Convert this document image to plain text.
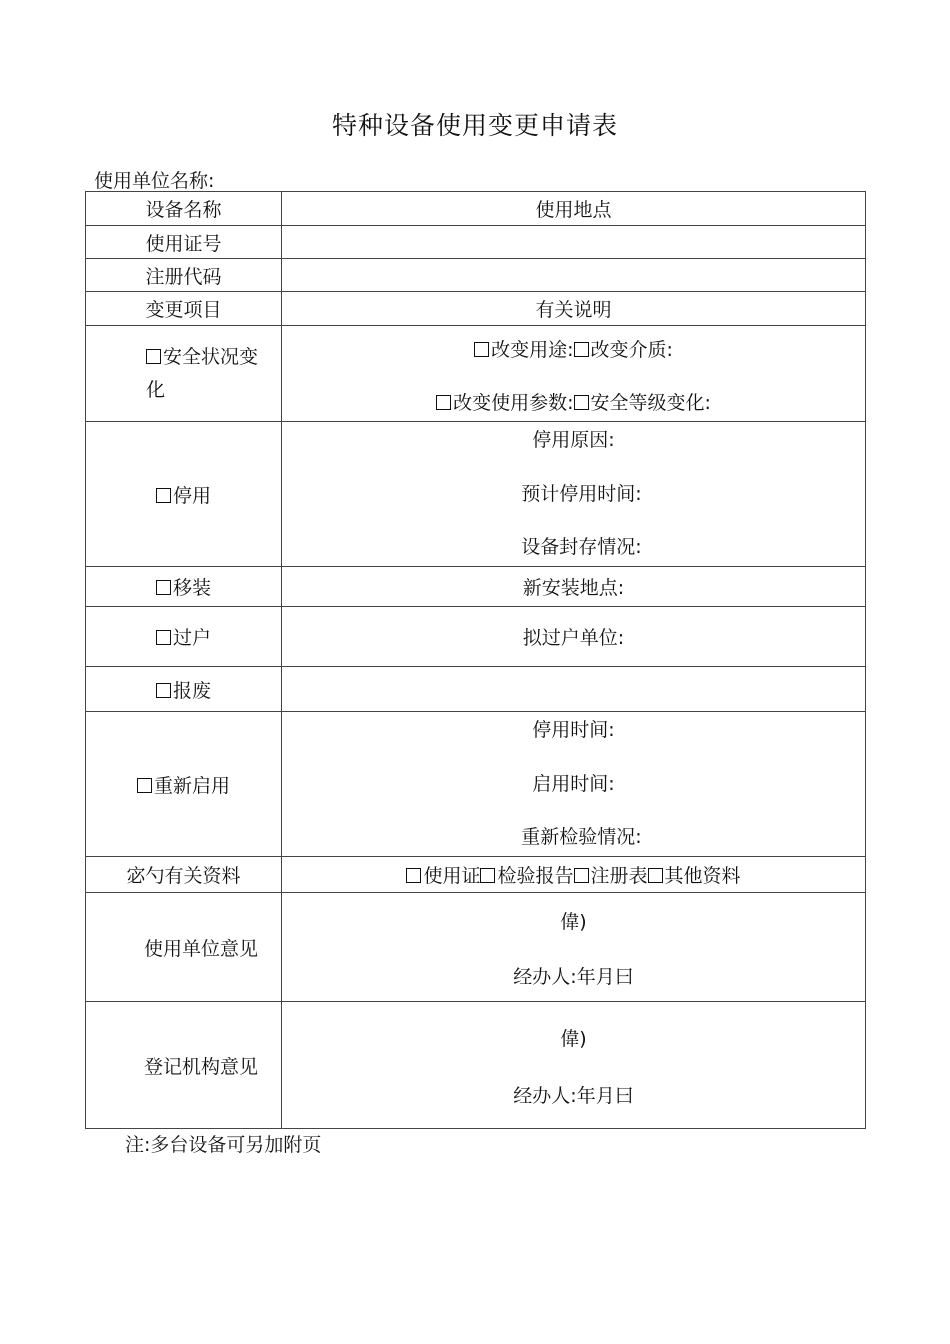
特种设备使用变更申请表
使用单位名称:
设备名称	使用地点
使用证号	
注册代码	
变更项目	有关说明
安全状况变化	改变用途: 改变介质:
改变使用参数: 安全等级变化:

停用	停用原因:
预计停用时间:
设备封存情况:

移装	新安装地点:
过户	拟过户单位:
报废	
重新启用	停用时间:
启用时间:
重新检验情况:

宓勺有关资料	使用证 检验报告 注册表 其他资料
使用单位意见	偉)
经办人:年月曰

登记机构意见	偉)
经办人:年月曰
注:多台设备可另加附页
